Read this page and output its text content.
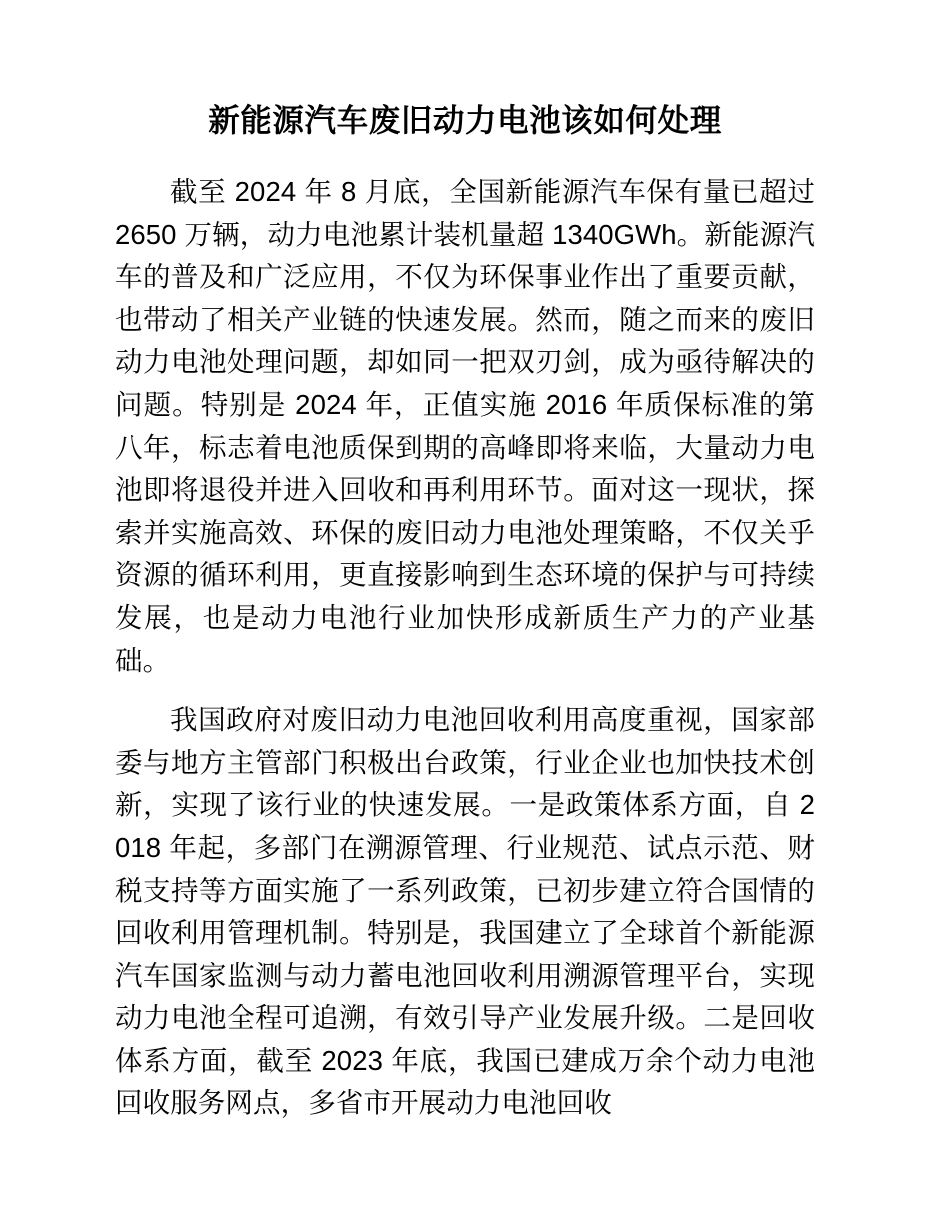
新能源汽车废旧动力电池该如何处理

截至 2024 年 8 月底，全国新能源汽车保有量已超过 2650 万辆，动力电池累计装机量超 1340GWh。新能源汽车的普及和广泛应用，不仅为环保事业作出了重要贡献，也带动了相关产业链的快速发展。然而，随之而来的废旧动力电池处理问题，却如同一把双刃剑，成为亟待解决的问题。特别是 2024 年，正值实施 2016 年质保标准的第八年，标志着电池质保到期的高峰即将来临，大量动力电池即将退役并进入回收和再利用环节。面对这一现状，探索并实施高效、环保的废旧动力电池处理策略，不仅关乎资源的循环利用，更直接影响到生态环境的保护与可持续发展，也是动力电池行业加快形成新质生产力的产业基础。

我国政府对废旧动力电池回收利用高度重视，国家部委与地方主管部门积极出台政策，行业企业也加快技术创新，实现了该行业的快速发展。一是政策体系方面，自 2018 年起，多部门在溯源管理、行业规范、试点示范、财税支持等方面实施了一系列政策，已初步建立符合国情的回收利用管理机制。特别是，我国建立了全球首个新能源汽车国家监测与动力蓄电池回收利用溯源管理平台，实现动力电池全程可追溯，有效引导产业发展升级。二是回收体系方面，截至 2023 年底，我国已建成万余个动力电池回收服务网点，多省市开展动力电池回收
